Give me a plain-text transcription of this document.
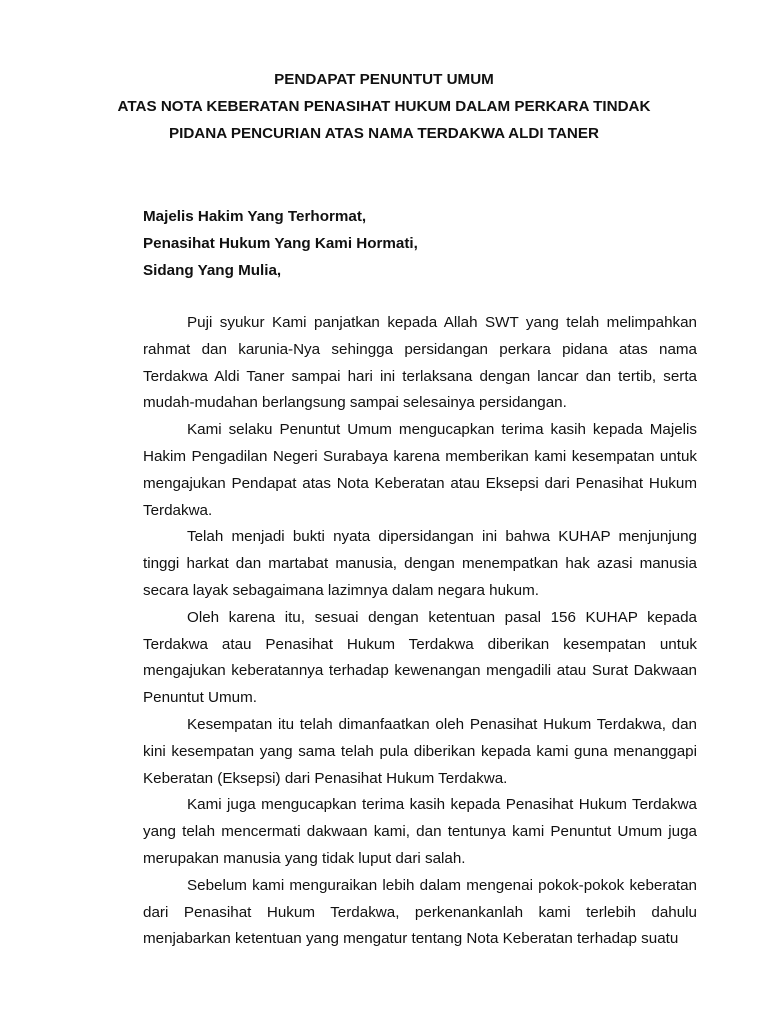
PENDAPAT PENUNTUT UMUM
ATAS NOTA KEBERATAN PENASIHAT HUKUM DALAM PERKARA TINDAK
PIDANA PENCURIAN ATAS NAMA TERDAKWA ALDI TANER
Majelis Hakim Yang Terhormat,
Penasihat Hukum Yang Kami Hormati,
Sidang Yang Mulia,

Puji syukur Kami panjatkan kepada Allah SWT yang telah melimpahkan rahmat dan karunia-Nya sehingga persidangan perkara pidana atas nama Terdakwa Aldi Taner sampai hari ini terlaksana dengan lancar dan tertib, serta mudah-mudahan berlangsung sampai selesainya persidangan.

Kami selaku Penuntut Umum mengucapkan terima kasih kepada Majelis Hakim Pengadilan Negeri Surabaya karena memberikan kami kesempatan untuk mengajukan Pendapat atas Nota Keberatan atau Eksepsi dari Penasihat Hukum Terdakwa.

Telah menjadi bukti nyata dipersidangan ini bahwa KUHAP menjunjung tinggi harkat dan martabat manusia, dengan menempatkan hak azasi manusia secara layak sebagaimana lazimnya dalam negara hukum.

Oleh karena itu, sesuai dengan ketentuan pasal 156 KUHAP kepada Terdakwa atau Penasihat Hukum Terdakwa diberikan kesempatan untuk mengajukan keberatannya terhadap kewenangan mengadili atau Surat Dakwaan Penuntut Umum.

Kesempatan itu telah dimanfaatkan oleh Penasihat Hukum Terdakwa, dan kini kesempatan yang sama telah pula diberikan kepada kami guna menanggapi Keberatan (Eksepsi) dari Penasihat Hukum Terdakwa.

Kami juga mengucapkan terima kasih kepada Penasihat Hukum Terdakwa yang telah mencermati dakwaan kami, dan tentunya kami Penuntut Umum juga merupakan manusia yang tidak luput dari salah.

Sebelum kami menguraikan lebih dalam mengenai pokok-pokok keberatan dari Penasihat Hukum Terdakwa, perkenankanlah kami terlebih dahulu menjabarkan ketentuan yang mengatur tentang Nota Keberatan terhadap suatu
